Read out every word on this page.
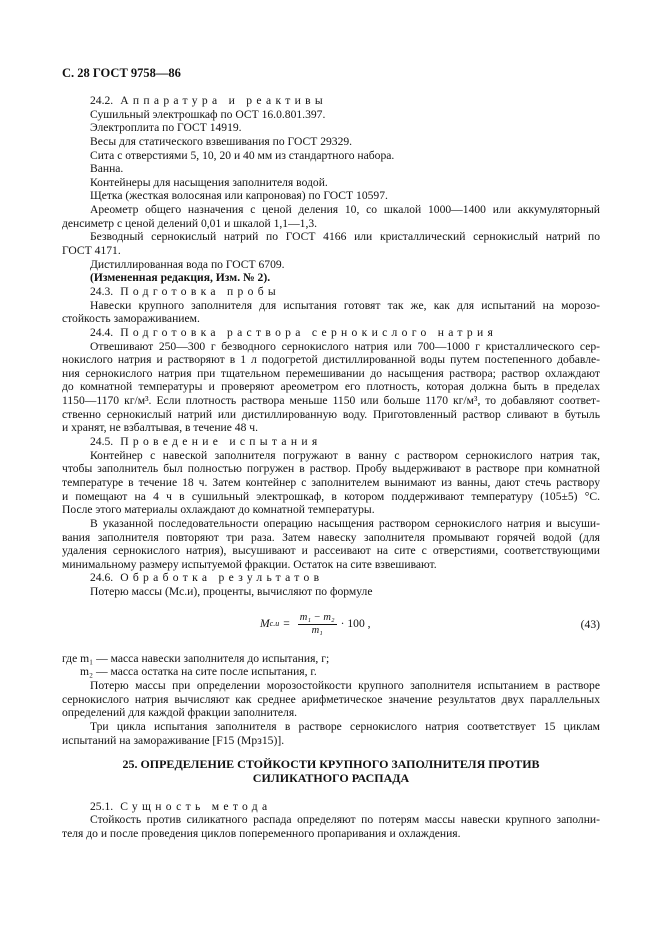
С. 28 ГОСТ 9758—86
24.2. Аппаратура и реактивы
Сушильный электрошкаф по ОСТ 16.0.801.397.
Электроплита по ГОСТ 14919.
Весы для статического взвешивания по ГОСТ 29329.
Сита с отверстиями 5, 10, 20 и 40 мм из стандартного набора.
Ванна.
Контейнеры для насыщения заполнителя водой.
Щетка (жесткая волосяная или капроновая) по ГОСТ 10597.
Ареометр общего назначения с ценой деления 10, со шкалой 1000—1400 или аккумуляторный
денсиметр с ценой делений 0,01 и шкалой 1,1—1,3.
Безводный сернокислый натрий по ГОСТ 4166 или кристаллический сернокислый натрий по
ГОСТ 4171.
Дистиллированная вода по ГОСТ 6709.
(Измененная редакция, Изм. № 2).
24.3. Подготовка пробы
Навески крупного заполнителя для испытания готовят так же, как для испытаний на морозо-
стойкость замораживанием.
24.4. Подготовка раствора сернокислого натрия
Отвешивают 250—300 г безводного сернокислого натрия или 700—1000 г кристаллического сер-
нокислого натрия и растворяют в 1 л подогретой дистиллированной воды путем постепенного добавле-
ния сернокислого натрия при тщательном перемешивании до насыщения раствора; раствор охлаждают
до комнатной температуры и проверяют ареометром его плотность, которая должна быть в пределах
1150—1170 кг/м³. Если плотность раствора меньше 1150 или больше 1170 кг/м³, то добавляют соответ-
ственно сернокислый натрий или дистиллированную воду. Приготовленный раствор сливают в бутыль
и хранят, не взбалтывая, в течение 48 ч.
24.5. Проведение испытания
Контейнер с навеской заполнителя погружают в ванну с раствором сернокислого натрия так,
чтобы заполнитель был полностью погружен в раствор. Пробу выдерживают в растворе при комнатной
температуре в течение 18 ч. Затем контейнер с заполнителем вынимают из ванны, дают стечь раствору
и помещают на 4 ч в сушильный электрошкаф, в котором поддерживают температуру (105±5) °С.
После этого материалы охлаждают до комнатной температуры.
В указанной последовательности операцию насыщения раствором сернокислого натрия и высуши-
вания заполнителя повторяют три раза. Затем навеску заполнителя промывают горячей водой (для
удаления сернокислого натрия), высушивают и рассеивают на сите с отверстиями, соответствующими
минимальному размеру испытуемой фракции. Остаток на сите взвешивают.
24.6. Обработка результатов
Потерю массы (Mс.и), проценты, вычисляют по формуле
M $с.и = \frac{\text{m₁ − m₂}}{\text{m₁}} \cdot 100$ ,	(43)
где m₁ — масса навески заполнителя до испытания, г;
m₂ — масса остатка на сите после испытания, г.
Потерю массы при определении морозостойкости крупного заполнителя испытанием в растворе
сернокислого натрия вычисляют как среднее арифметическое значение результатов двух параллельных
определений для каждой фракции заполнителя.
Три цикла испытания заполнителя в растворе сернокислого натрия соответствует 15 циклам
испытаний на замораживание [F15 (Мрз15)].
25. ОПРЕДЕЛЕНИЕ СТОЙКОСТИ КРУПНОГО ЗАПОЛНИТЕЛЯ ПРОТИВ
СИЛИКАТНОГО РАСПАДА
25.1. Сущность метода
Стойкость против силикатного распада определяют по потерям массы навески крупного заполни-
теля до и после проведения циклов попеременного пропаривания и охлаждения.
